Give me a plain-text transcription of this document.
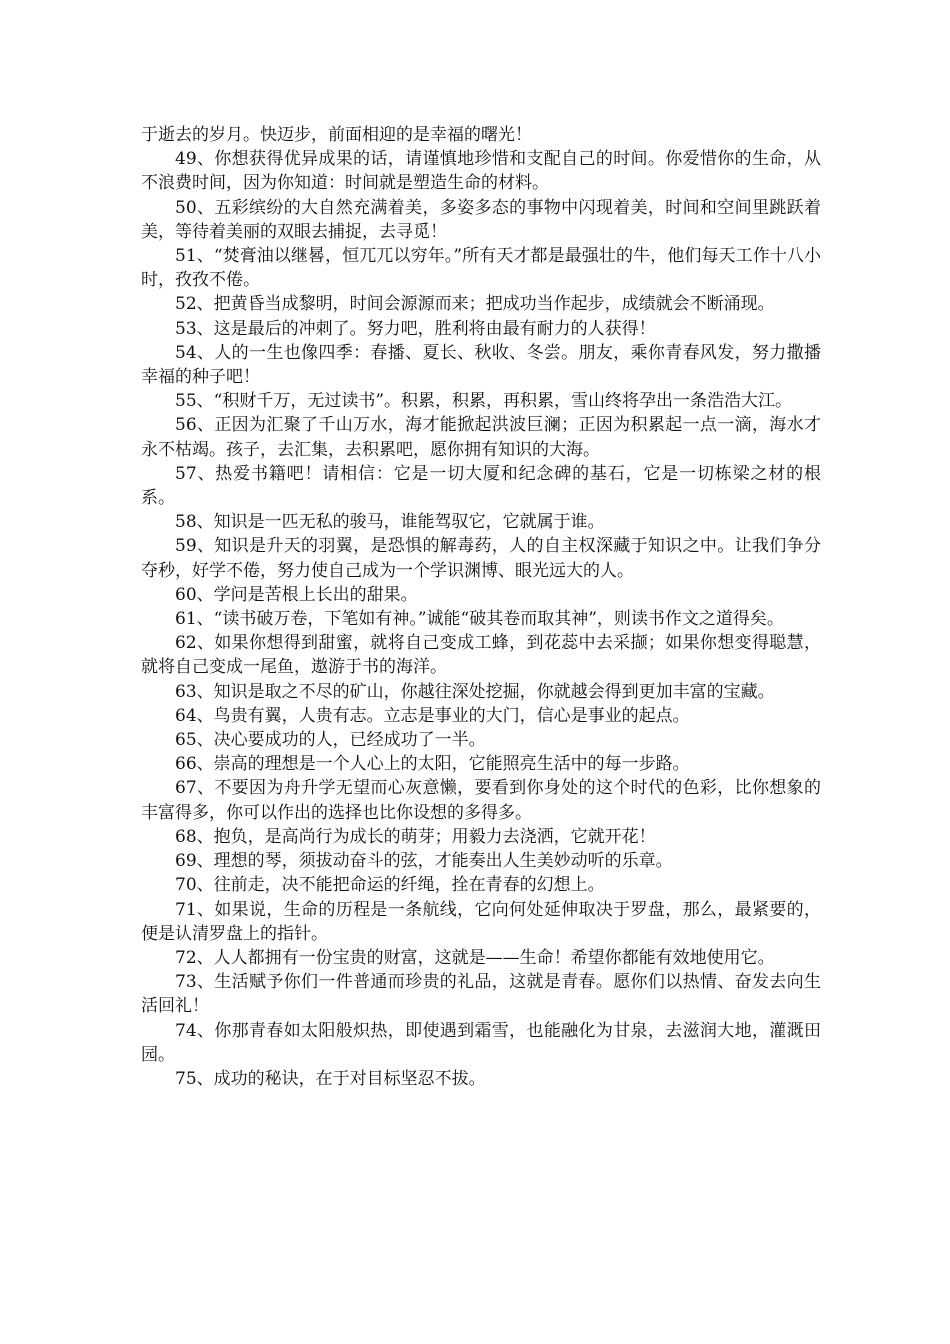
于逝去的岁月。快迈步，前面相迎的是幸福的曙光！

49、你想获得优异成果的话，请谨慎地珍惜和支配自己的时间。你爱惜你的生命，从不浪费时间，因为你知道：时间就是塑造生命的材料。

50、五彩缤纷的大自然充满着美，多姿多态的事物中闪现着美，时间和空间里跳跃着美，等待着美丽的双眼去捕捉，去寻觅！

51、“焚膏油以继晷，恒兀兀以穷年。”所有天才都是最强壮的牛，他们每天工作十八小时，孜孜不倦。

52、把黄昏当成黎明，时间会源源而来；把成功当作起步，成绩就会不断涌现。

53、这是最后的冲刺了。努力吧，胜利将由最有耐力的人获得！

54、人的一生也像四季：春播、夏长、秋收、冬尝。朋友，乘你青春风发，努力撒播幸福的种子吧！

55、“积财千万，无过读书”。积累，积累，再积累，雪山终将孕出一条浩浩大江。

56、正因为汇聚了千山万水，海才能掀起洪波巨澜；正因为积累起一点一滴，海水才永不枯竭。孩子，去汇集，去积累吧，愿你拥有知识的大海。

57、热爱书籍吧！请相信：它是一切大厦和纪念碑的基石，它是一切栋梁之材的根系。

58、知识是一匹无私的骏马，谁能驾驭它，它就属于谁。

59、知识是升天的羽翼，是恐惧的解毒药，人的自主权深藏于知识之中。让我们争分夺秒，好学不倦，努力使自己成为一个学识渊博、眼光远大的人。

60、学问是苦根上长出的甜果。

61、“读书破万卷，下笔如有神。”诚能“破其卷而取其神”，则读书作文之道得矣。

62、如果你想得到甜蜜，就将自己变成工蜂，到花蕊中去采撷；如果你想变得聪慧，就将自己变成一尾鱼，遨游于书的海洋。

63、知识是取之不尽的矿山，你越往深处挖掘，你就越会得到更加丰富的宝藏。

64、鸟贵有翼，人贵有志。立志是事业的大门，信心是事业的起点。

65、决心要成功的人，已经成功了一半。

66、崇高的理想是一个人心上的太阳，它能照亮生活中的每一步路。

67、不要因为舟升学无望而心灰意懒，要看到你身处的这个时代的色彩，比你想象的丰富得多，你可以作出的选择也比你设想的多得多。

68、抱负，是高尚行为成长的萌芽；用毅力去浇洒，它就开花！

69、理想的琴，须拔动奋斗的弦，才能奏出人生美妙动听的乐章。

70、往前走，决不能把命运的纤绳，拴在青春的幻想上。

71、如果说，生命的历程是一条航线，它向何处延伸取决于罗盘，那么，最紧要的，便是认清罗盘上的指针。

72、人人都拥有一份宝贵的财富，这就是——生命！希望你都能有效地使用它。

73、生活赋予你们一件普通而珍贵的礼品，这就是青春。愿你们以热情、奋发去向生活回礼！

74、你那青春如太阳般炽热，即使遇到霜雪，也能融化为甘泉，去滋润大地，灌溉田园。

75、成功的秘诀，在于对目标坚忍不拔。
